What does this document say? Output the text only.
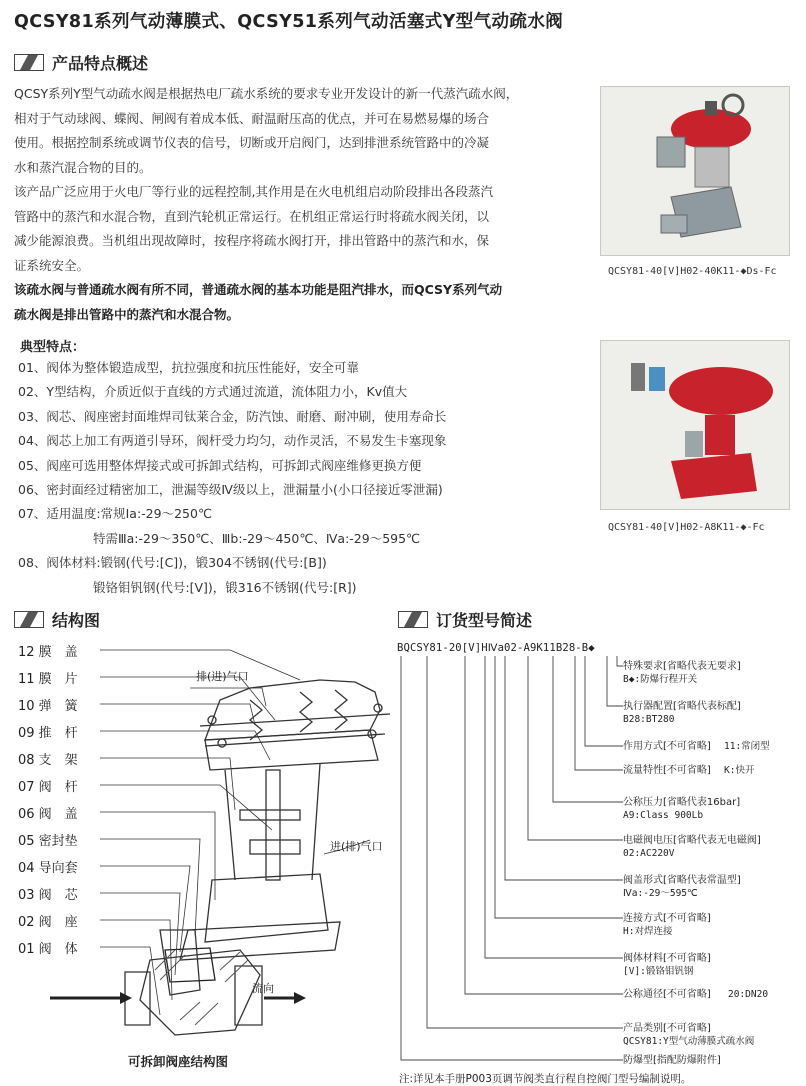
QCSY81系列气动薄膜式、QCSY51系列气动活塞式Y型气动疏水阀
产品特点概述
QCSY系列Y型气动疏水阀是根据热电厂疏水系统的要求专业开发设计的新一代蒸汽疏水阀，
相对于气动球阀、蝶阀、闸阀有着成本低、耐温耐压高的优点，并可在易燃易爆的场合
使用。根据控制系统或调节仪表的信号，切断或开启阀门，达到排泄系统管路中的冷凝
水和蒸汽混合物的目的。
该产品广泛应用于火电厂等行业的远程控制,其作用是在火电机组启动阶段排出各段蒸汽
管路中的蒸汽和水混合物，直到汽轮机正常运行。在机组正常运行时将疏水阀关闭，以
减少能源浪费。当机组出现故障时，按程序将疏水阀打开，排出管路中的蒸汽和水，保
证系统安全。
该疏水阀与普通疏水阀有所不同，普通疏水阀的基本功能是阻汽排水，而QCSY系列气动
疏水阀是排出管路中的蒸汽和水混合物。
QCSY81-40[V]H02-40K11-◆Ds-Fc
QCSY81-40[V]H02-A8K11-◆-Fc
典型特点：
01、阀体为整体锻造成型，抗拉强度和抗压性能好，安全可靠
02、Y型结构，介质近似于直线的方式通过流道，流体阻力小，Kv值大
03、阀芯、阀座密封面堆焊司钛莱合金，防汽蚀、耐磨、耐冲刷，使用寿命长
04、阀芯上加工有两道引导环，阀杆受力均匀，动作灵活，不易发生卡塞现象
05、阀座可选用整体焊接式或可拆卸式结构，可拆卸式阀座维修更换方便
06、密封面经过精密加工，泄漏等级Ⅳ级以上，泄漏量小(小口径接近零泄漏)
07、适用温度:常规Ⅰa:-29～250℃
　　　　　　特需Ⅲa:-29～350℃、Ⅲb:-29～450℃、Ⅳa:-29～595℃
08、阀体材料:锻钢(代号:[C])，锻304不锈钢(代号:[B])
　　　　　　锻铬钼钒钢(代号:[V])，锻316不锈钢(代号:[R])
结构图	订货型号简述
12 膜　盖
11 膜　片
10 弹　簧
09 推　杆
08 支　架
07 阀　杆
06 阀　盖
05 密封垫
04 导向套
03 阀　芯
02 阀　座
01 阀　体
排(进)气口
进(排)气口
流向
可拆卸阀座结构图
BQCSY81-20[V]HⅣa02-A9K11B28-B◆
特殊要求[省略代表无要求]
B◆:防爆行程开关
执行器配置[省略代表标配]
B28:BT280
作用方式[不可省略] 11:常闭型
流量特性[不可省略] K:快开
公称压力[省略代表16bar]
A9:Class 900Lb
电磁阀电压[省略代表无电磁阀]
02:AC220V
阀盖形式[省略代表常温型]
Ⅳa:-29～595℃
连接方式[不可省略]
H:对焊连接
阀体材料[不可省略]
[V]:锻铬钼钒钢
公称通径[不可省略] 20:DN20
产品类别[不可省略]
QCSY81:Y型气动薄膜式疏水阀
防爆型[指配防爆附件]
注:详见本手册P003页调节阀类直行程自控阀门型号编制说明。
